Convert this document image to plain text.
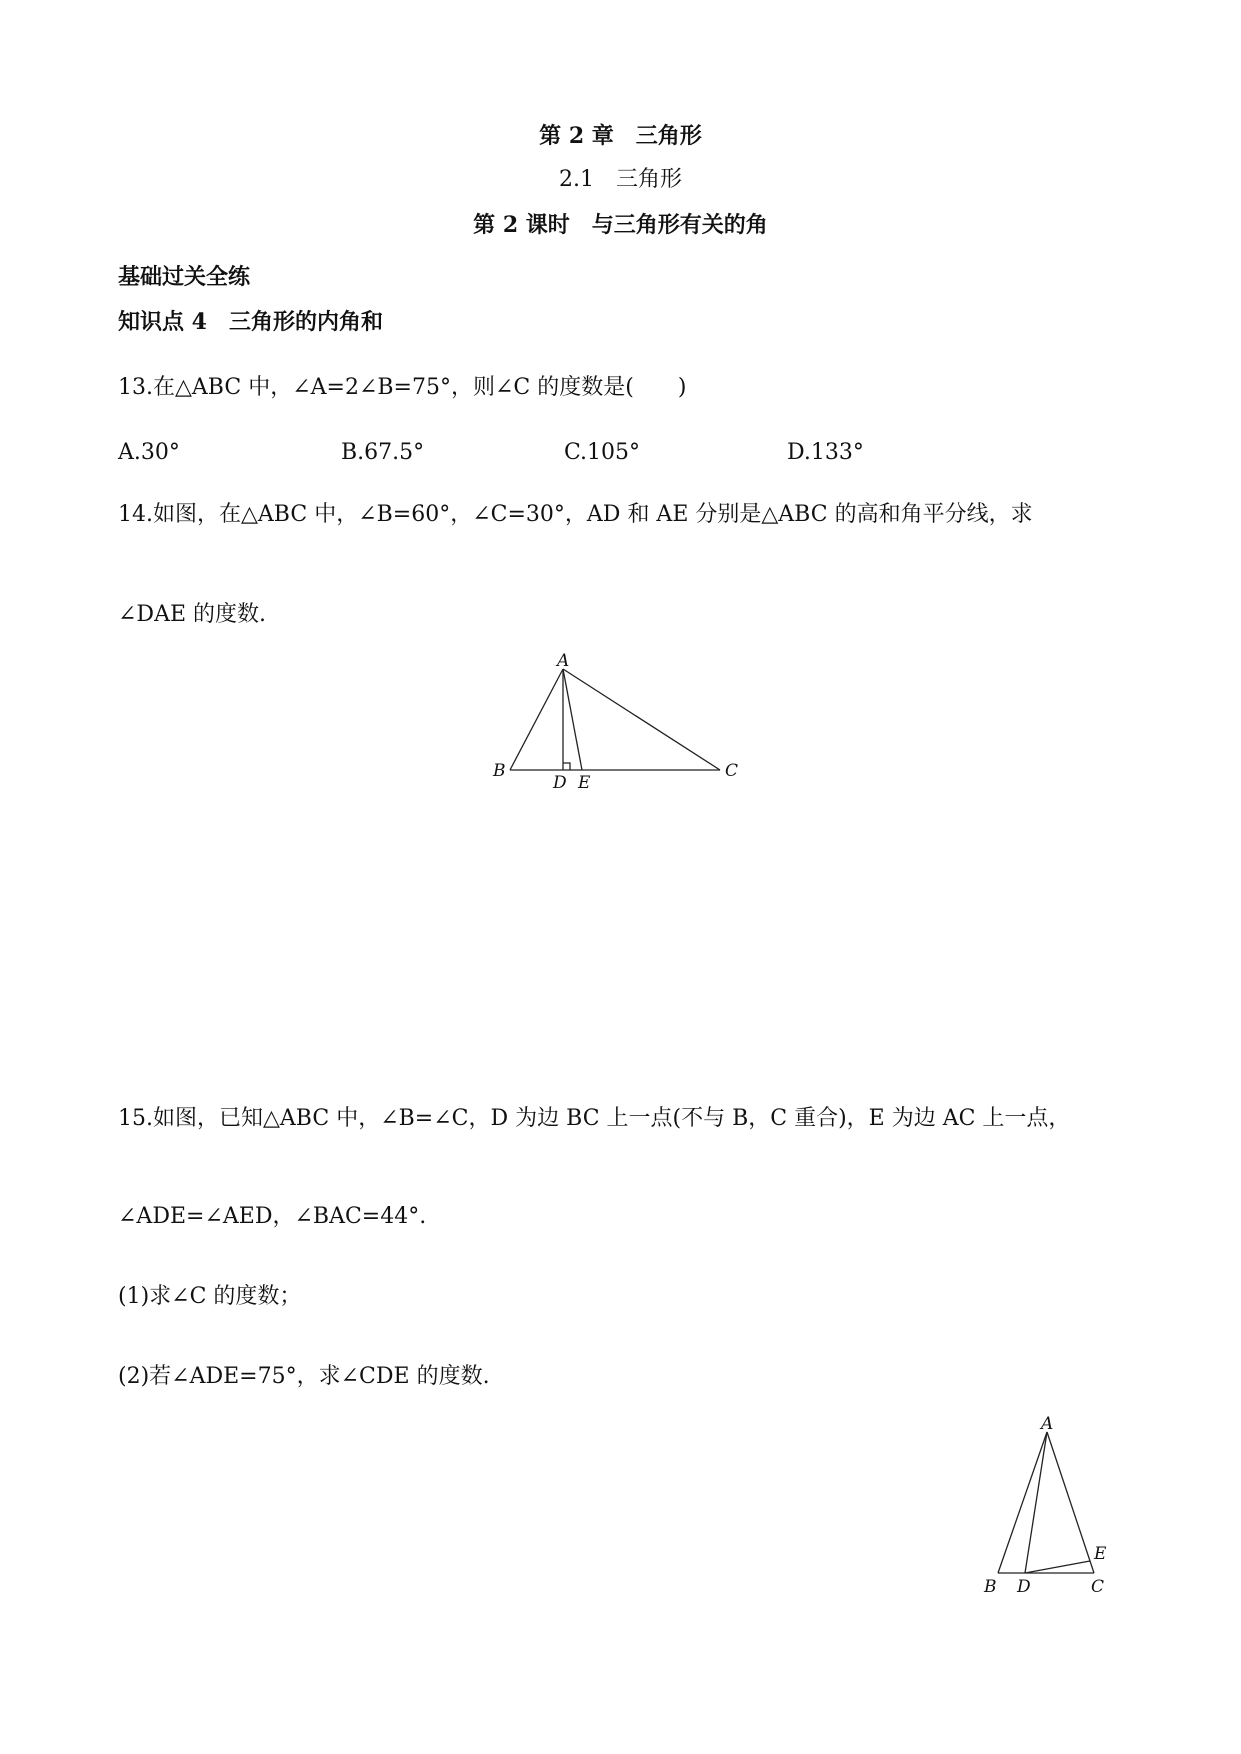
第 2 章　三角形
2.1　三角形
第 2 课时　与三角形有关的角
基础过关全练
知识点 4　三角形的内角和
13.在△ABC 中，∠A=2∠B=75°，则∠C 的度数是(　　)
A.30°	B.67.5°	C.105°	D.133°
14.如图，在△ABC 中，∠B=60°，∠C=30°，AD 和 AE 分别是△ABC 的高和角平分线，求
∠DAE 的度数.
A
B	C
D E
15.如图，已知△ABC 中，∠B=∠C，D 为边 BC 上一点(不与 B，C 重合)，E 为边 AC 上一点，
∠ADE=∠AED，∠BAC=44°.
(1)求∠C 的度数；
(2)若∠ADE=75°，求∠CDE 的度数.
A
B	C
D
E
